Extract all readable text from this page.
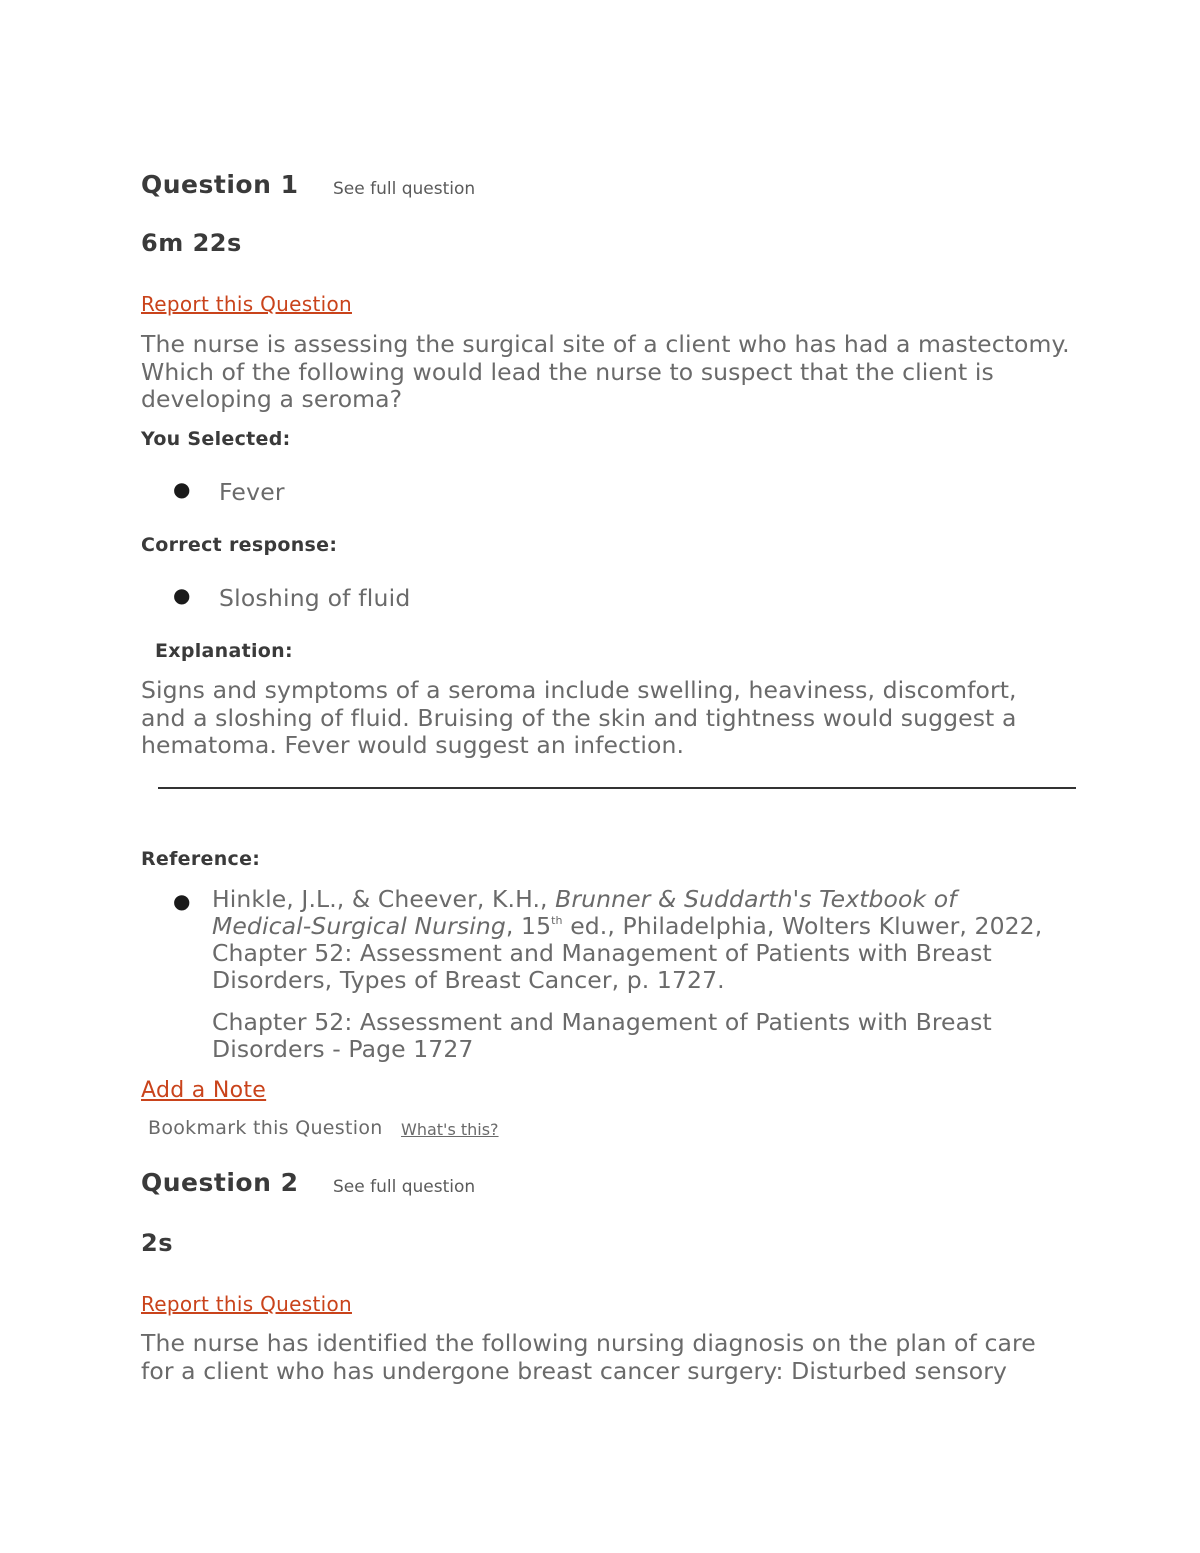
Question 1 See full question
6m 22s
Report this Question
The nurse is assessing the surgical site of a client who has had a mastectomy. Which of the following would lead the nurse to suspect that the client is developing a seroma?
You Selected:
● Fever
Correct response:
● Sloshing of fluid
Explanation:
Signs and symptoms of a seroma include swelling, heaviness, discomfort, and a sloshing of fluid. Bruising of the skin and tightness would suggest a hematoma. Fever would suggest an infection.
Reference:
● Hinkle, J.L., & Cheever, K.H., Brunner & Suddarth's Textbook of Medical-Surgical Nursing, 15th ed., Philadelphia, Wolters Kluwer, 2022, Chapter 52: Assessment and Management of Patients with Breast Disorders, Types of Breast Cancer, p. 1727.
Chapter 52: Assessment and Management of Patients with Breast Disorders - Page 1727
Add a Note
Bookmark this Question What's this?
Question 2 See full question
2s
Report this Question
The nurse has identified the following nursing diagnosis on the plan of care for a client who has undergone breast cancer surgery: Disturbed sensory
